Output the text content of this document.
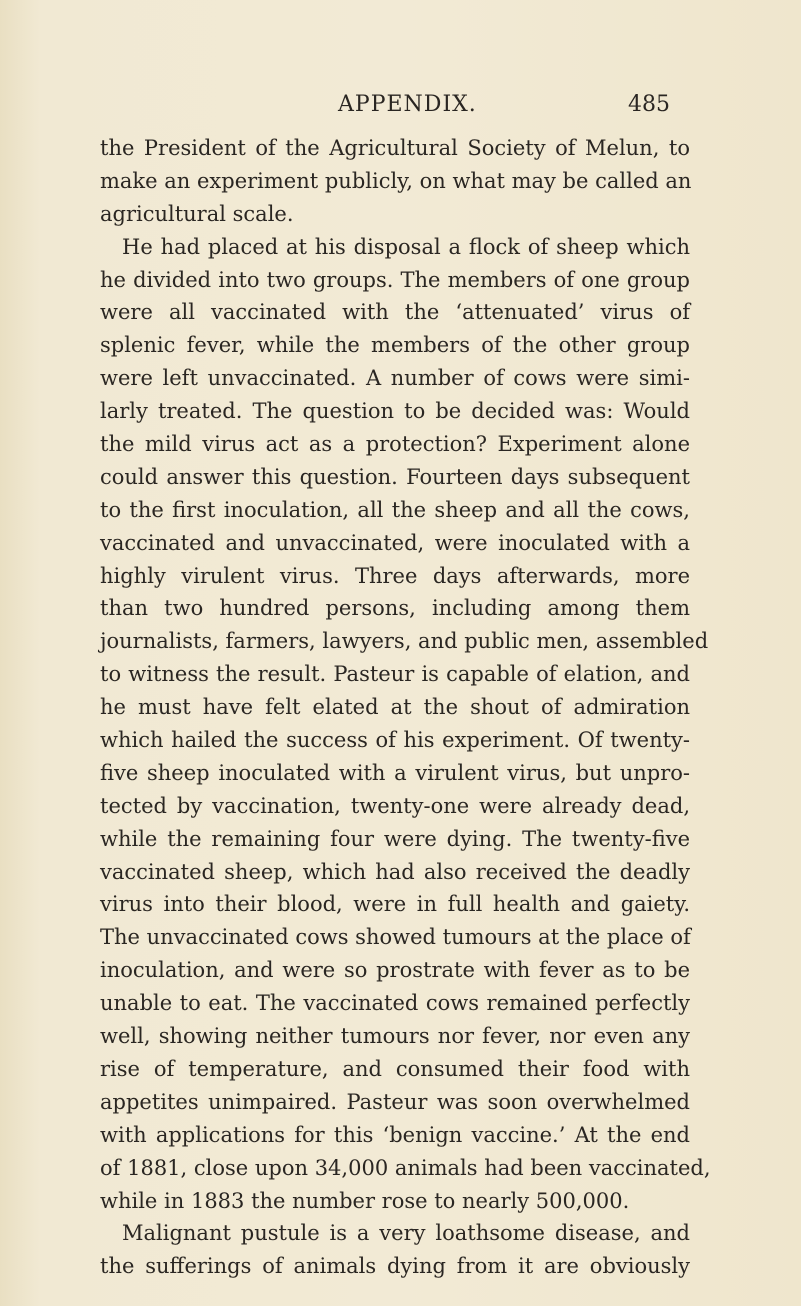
APPENDIX.	485
the President of the Agricultural Society of Melun, to
make an experiment publicly, on what may be called an
agricultural scale.
He had placed at his disposal a flock of sheep which
he divided into two groups. The members of one group
were all vaccinated with the ‘attenuated’ virus of
splenic fever, while the members of the other group
were left unvaccinated. A number of cows were simi-
larly treated. The question to be decided was: Would
the mild virus act as a protection? Experiment alone
could answer this question. Fourteen days subsequent
to the first inoculation, all the sheep and all the cows,
vaccinated and unvaccinated, were inoculated with a
highly virulent virus. Three days afterwards, more
than two hundred persons, including among them
journalists, farmers, lawyers, and public men, assembled
to witness the result. Pasteur is capable of elation, and
he must have felt elated at the shout of admiration
which hailed the success of his experiment. Of twenty-
five sheep inoculated with a virulent virus, but unpro-
tected by vaccination, twenty-one were already dead,
while the remaining four were dying. The twenty-five
vaccinated sheep, which had also received the deadly
virus into their blood, were in full health and gaiety.
The unvaccinated cows showed tumours at the place of
inoculation, and were so prostrate with fever as to be
unable to eat. The vaccinated cows remained perfectly
well, showing neither tumours nor fever, nor even any
rise of temperature, and consumed their food with
appetites unimpaired. Pasteur was soon overwhelmed
with applications for this ‘benign vaccine.’ At the end
of 1881, close upon 34,000 animals had been vaccinated,
while in 1883 the number rose to nearly 500,000.
Malignant pustule is a very loathsome disease, and
the sufferings of animals dying from it are obviously
